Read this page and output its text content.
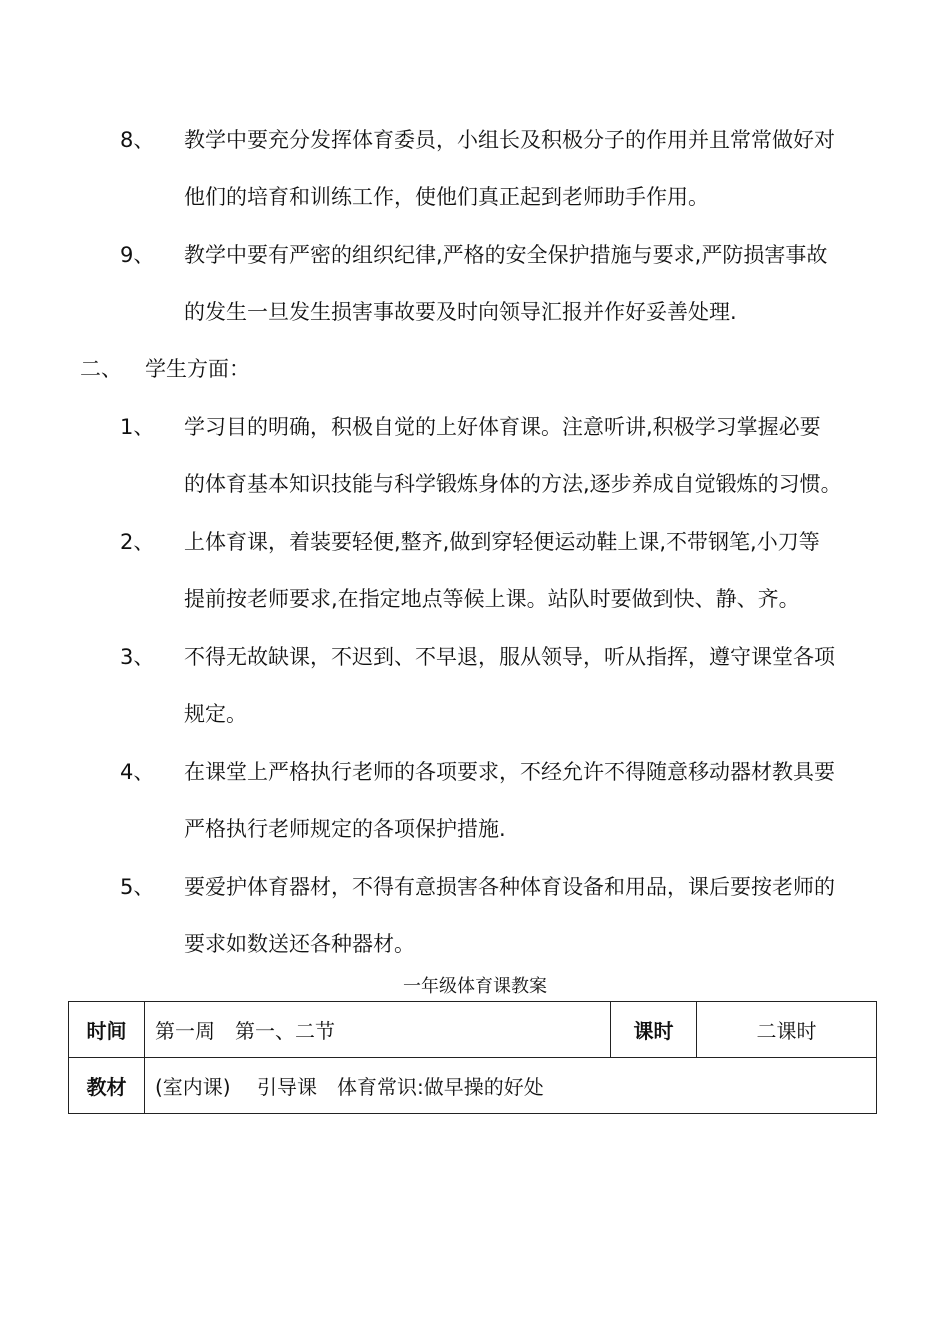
8、 教学中要充分发挥体育委员，小组长及积极分子的作用并且常常做好对
他们的培育和训练工作，使他们真正起到老师助手作用。
9、 教学中要有严密的组织纪律,严格的安全保护措施与要求,严防损害事故
的发生一旦发生损害事故要及时向领导汇报并作好妥善处理.
二、 学生方面：
1、 学习目的明确，积极自觉的上好体育课。注意听讲,积极学习掌握必要
的体育基本知识技能与科学锻炼身体的方法,逐步养成自觉锻炼的习惯。
2、 上体育课，着装要轻便,整齐,做到穿轻便运动鞋上课,不带钢笔,小刀等
提前按老师要求,在指定地点等候上课。站队时要做到快、静、齐。
3、 不得无故缺课，不迟到、不早退，服从领导，听从指挥，遵守课堂各项
规定。
4、 在课堂上严格执行老师的各项要求，不经允许不得随意移动器材教具要
严格执行老师规定的各项保护措施.
5、 要爱护体育器材，不得有意损害各种体育设备和用品，课后要按老师的
要求如数送还各种器材。
一年级体育课教案
时间	第一周　第一、二节	课时	二课时
教材	(室内课)　 引导课　体育常识:做早操的好处		
